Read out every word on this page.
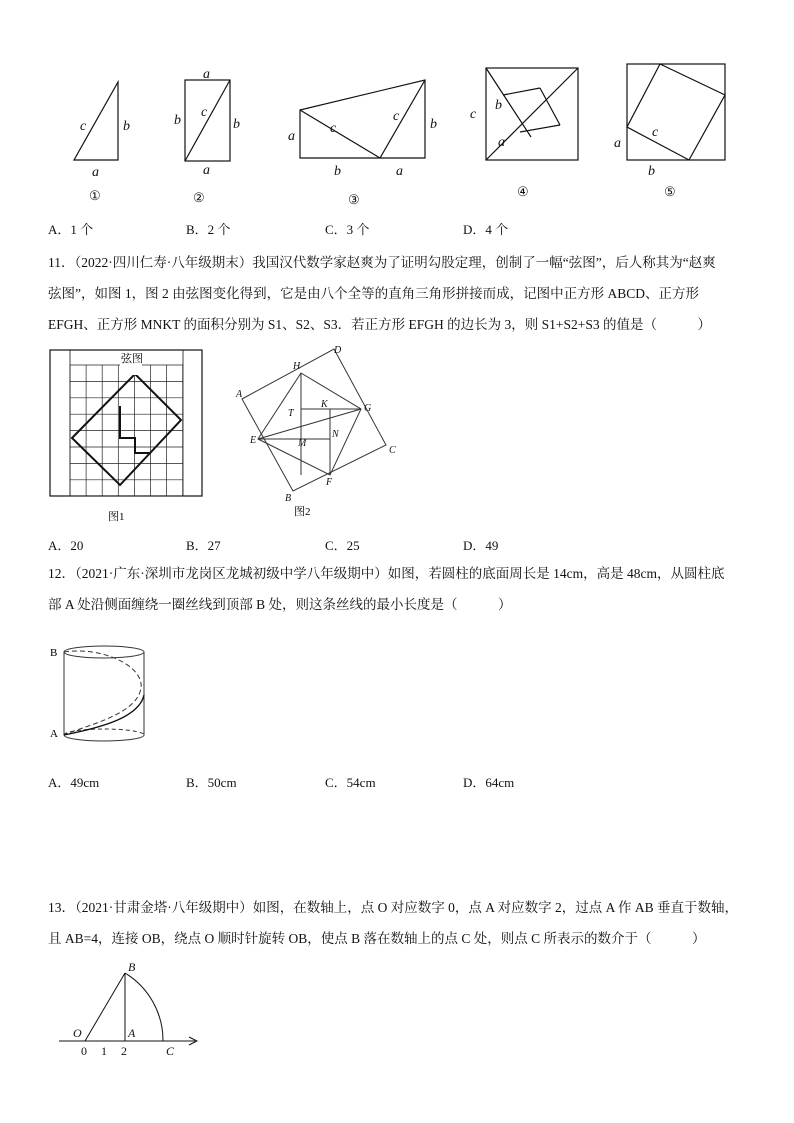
c	b
a
a
b
c
b
a
a
c
c
b
b	a
c
b
a
c
a
b
①	②	③
④	⑤
A．1 个	B．2 个	C．3 个	D．4 个
11．（2022·四川仁寿·八年级期末）我国汉代数学家赵爽为了证明勾股定理，创制了一幅“弦图”，后人称其为“赵爽
弦图”，如图 1，图 2 由弦图变化得到，它是由八个全等的直角三角形拼接而成，记图中正方形 ABCD、正方形
EFGH、正方形 MNKT 的面积分别为 S1、S2、S3．若正方形 EFGH 的边长为 3，则 S1+S2+S3 的值是（　　　）
弦图
图1
A
B
C
D
E
F
G
H
T
K
M
N
图2
A．20	B．27	C．25	D．49
12．（2021·广东·深圳市龙岗区龙城初级中学八年级期中）如图，若圆柱的底面周长是 14cm，高是 48cm，从圆柱底
部 A 处沿侧面缠绕一圈丝线到顶部 B 处，则这条丝线的最小长度是（　　　）
B
A
A．49cm	B．50cm	C．54cm	D．64cm
13．（2021·甘肃金塔·八年级期中）如图，在数轴上，点 O 对应数字 0，点 A 对应数字 2，过点 A 作 AB 垂直于数轴，
且 AB=4，连接 OB，绕点 O 顺时针旋转 OB，使点 B 落在数轴上的点 C 处，则点 C 所表示的数介于（　　　）
B
O	A
C
0 1 2
